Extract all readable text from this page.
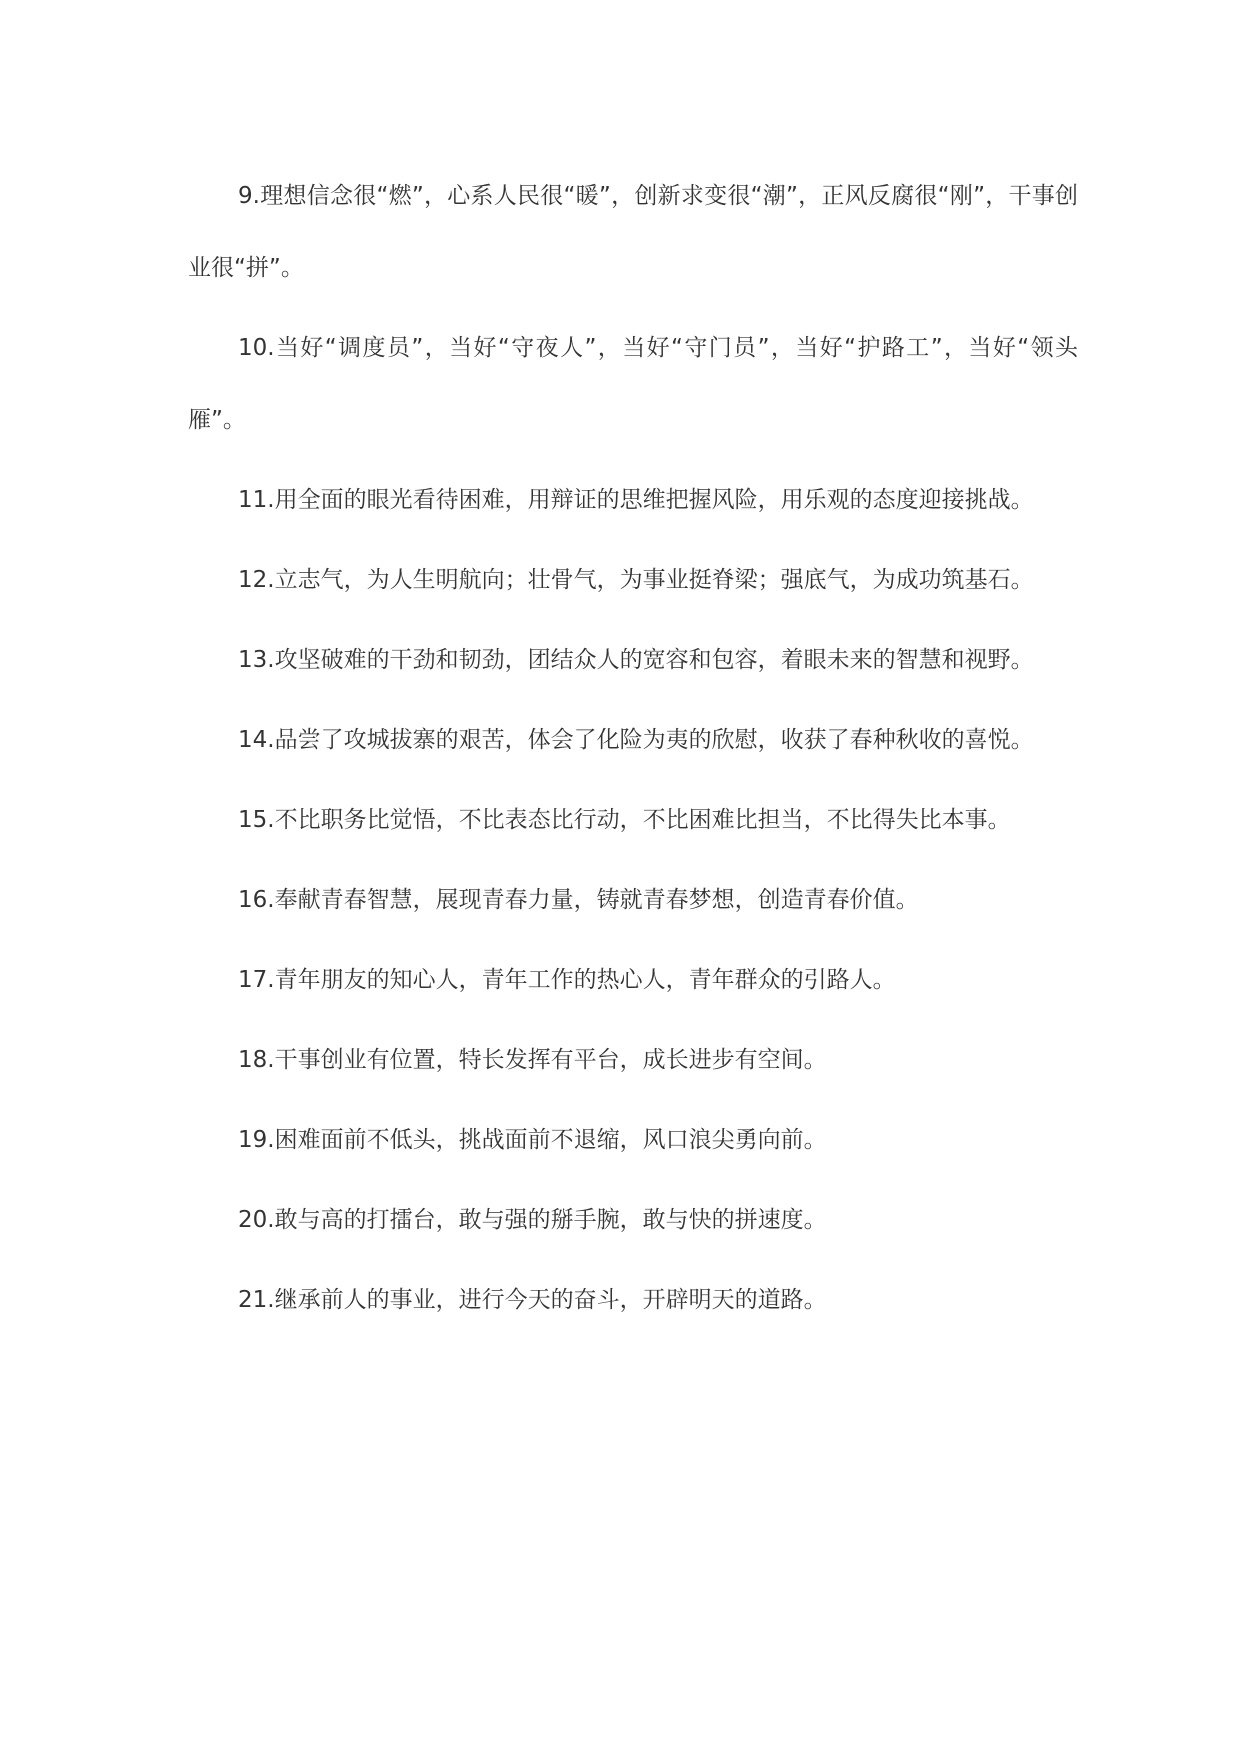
9.理想信念很“燃”，心系人民很“暖”，创新求变很“潮”，正风反腐很“刚”，干事创业很“拼”。

10.当好“调度员”，当好“守夜人”，当好“守门员”，当好“护路工”，当好“领头雁”。

11.用全面的眼光看待困难，用辩证的思维把握风险，用乐观的态度迎接挑战。

12.立志气，为人生明航向；壮骨气，为事业挺脊梁；强底气，为成功筑基石。

13.攻坚破难的干劲和韧劲，团结众人的宽容和包容，着眼未来的智慧和视野。

14.品尝了攻城拔寨的艰苦，体会了化险为夷的欣慰，收获了春种秋收的喜悦。

15.不比职务比觉悟，不比表态比行动，不比困难比担当，不比得失比本事。

16.奉献青春智慧，展现青春力量，铸就青春梦想，创造青春价值。

17.青年朋友的知心人，青年工作的热心人，青年群众的引路人。

18.干事创业有位置，特长发挥有平台，成长进步有空间。

19.困难面前不低头，挑战面前不退缩，风口浪尖勇向前。

20.敢与高的打擂台，敢与强的掰手腕，敢与快的拼速度。

21.继承前人的事业，进行今天的奋斗，开辟明天的道路。
